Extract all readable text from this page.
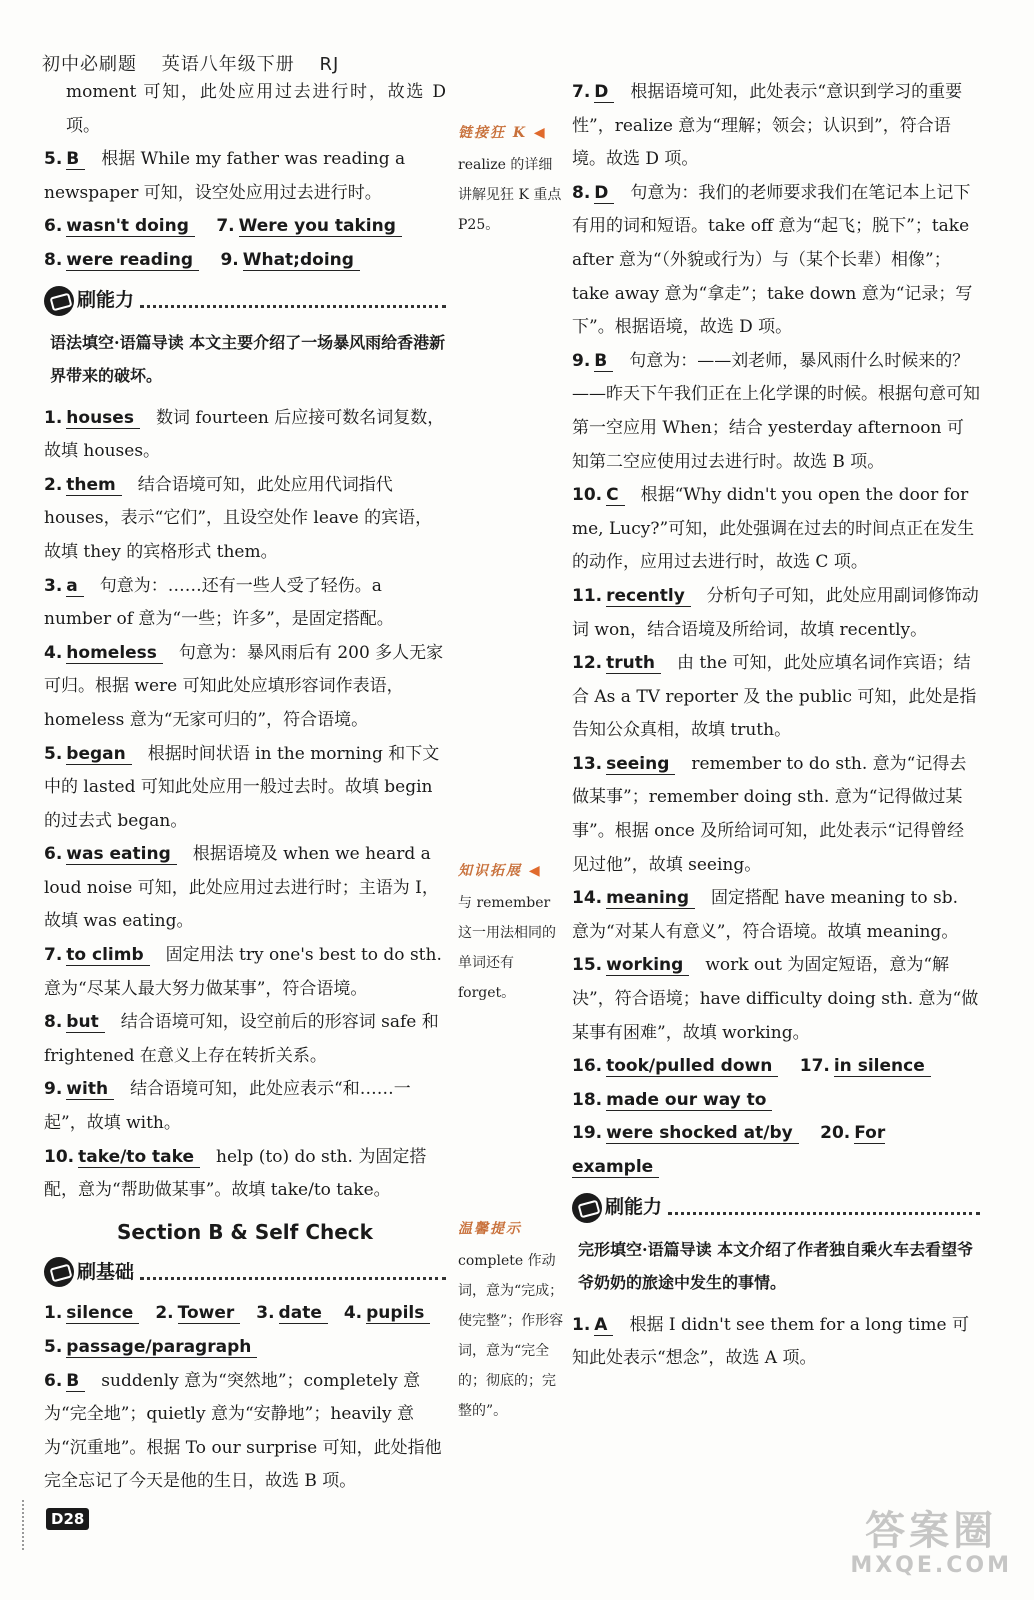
初中必刷题 英语八年级下册 RJ

moment 可知，此处应用过去进行时，故选 D 项。

5. B 根据 While my father was reading a newspaper 可知，设空处应用过去进行时。

6. wasn't doing 7. Were you taking

8. were reading 9. What;doing

刷能力

语法填空·语篇导读 本文主要介绍了一场暴风雨给香港新界带来的破坏。

1. houses 数词 fourteen 后应接可数名词复数，故填 houses。

2. them 结合语境可知，此处应用代词指代 houses，表示“它们”，且设空处作 leave 的宾语，故填 they 的宾格形式 them。

3. a 句意为：……还有一些人受了轻伤。a number of 意为“一些；许多”，是固定搭配。

4. homeless 句意为：暴风雨后有 200 多人无家可归。根据 were 可知此处应填形容词作表语，homeless 意为“无家可归的”，符合语境。

5. began 根据时间状语 in the morning 和下文中的 lasted 可知此处应用一般过去时。故填 begin 的过去式 began。

6. was eating 根据语境及 when we heard a loud noise 可知，此处应用过去进行时；主语为 I，故填 was eating。

7. to climb 固定用法 try one's best to do sth. 意为“尽某人最大努力做某事”，符合语境。

8. but 结合语境可知，设空前后的形容词 safe 和 frightened 在意义上存在转折关系。

9. with 结合语境可知，此处应表示“和……一起”，故填 with。

10. take/to take help (to) do sth. 为固定搭配，意为“帮助做某事”。故填 take/to take。

Section B & Self Check
刷基础

1. silence 2. Tower 3. date 4. pupils

5. passage/paragraph

6. B suddenly 意为“突然地”；completely 意为“完全地”；quietly 意为“安静地”；heavily 意为“沉重地”。根据 To our surprise 可知，此处指他完全忘记了今天是他的生日，故选 B 项。

链接狂 K ◀

realize 的详细讲解见狂 K 重点 P25。

知识拓展 ◀

与 remember 这一用法相同的单词还有 forget。

温馨提示

complete 作动词，意为“完成；使完整”；作形容词，意为“完全的；彻底的；完整的”。

7. D 根据语境可知，此处表示“意识到学习的重要性”，realize 意为“理解；领会；认识到”，符合语境。故选 D 项。

8. D 句意为：我们的老师要求我们在笔记本上记下有用的词和短语。take off 意为“起飞；脱下”；take after 意为“（外貌或行为）与（某个长辈）相像”；take away 意为“拿走”；take down 意为“记录；写下”。根据语境，故选 D 项。

9. B 句意为：——刘老师，暴风雨什么时候来的？——昨天下午我们正在上化学课的时候。根据句意可知第一空应用 When；结合 yesterday afternoon 可知第二空应使用过去进行时。故选 B 项。

10. C 根据“Why didn't you open the door for me, Lucy?”可知，此处强调在过去的时间点正在发生的动作，应用过去进行时，故选 C 项。

11. recently 分析句子可知，此处应用副词修饰动词 won，结合语境及所给词，故填 recently。

12. truth 由 the 可知，此处应填名词作宾语；结合 As a TV reporter 及 the public 可知，此处是指告知公众真相，故填 truth。

13. seeing remember to do sth. 意为“记得去做某事”；remember doing sth. 意为“记得做过某事”。根据 once 及所给词可知，此处表示“记得曾经见过他”，故填 seeing。

14. meaning 固定搭配 have meaning to sb. 意为“对某人有意义”，符合语境。故填 meaning。

15. working work out 为固定短语，意为“解决”，符合语境；have difficulty doing sth. 意为“做某事有困难”，故填 working。

16. took/pulled down 17. in silence

18. made our way to

19. were shocked at/by 20. For example

刷能力

完形填空·语篇导读 本文介绍了作者独自乘火车去看望爷爷奶奶的旅途中发生的事情。

1. A 根据 I didn't see them for a long time 可知此处表示“想念”，故选 A 项。

D28	答案圈
MXQE.COM
